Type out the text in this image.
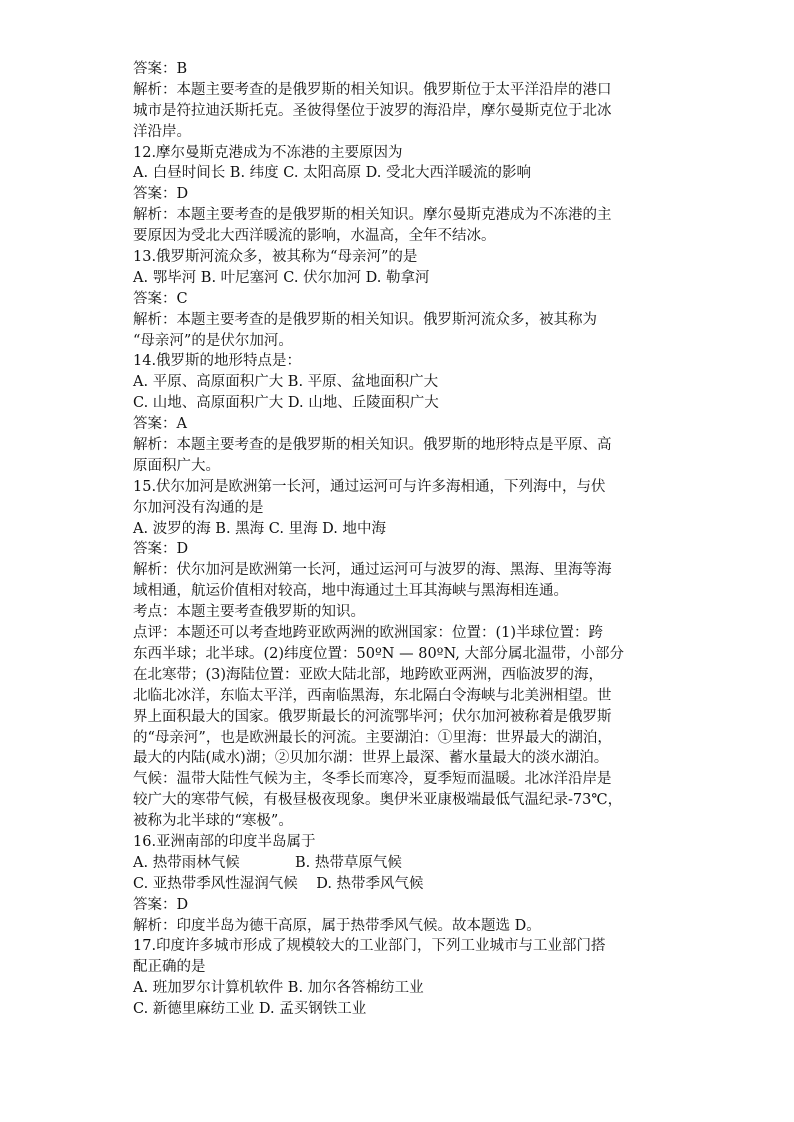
答案：B
解析：本题主要考查的是俄罗斯的相关知识。俄罗斯位于太平洋沿岸的港口
城市是符拉迪沃斯托克。圣彼得堡位于波罗的海沿岸，摩尔曼斯克位于北冰
洋沿岸。
12.摩尔曼斯克港成为不冻港的主要原因为
A. 白昼时间长 B. 纬度 C. 太阳高原 D. 受北大西洋暖流的影响
答案：D
解析：本题主要考查的是俄罗斯的相关知识。摩尔曼斯克港成为不冻港的主
要原因为受北大西洋暖流的影响，水温高，全年不结冰。
13.俄罗斯河流众多，被其称为“母亲河”的是
A. 鄂毕河 B. 叶尼塞河 C. 伏尔加河 D. 勒拿河
答案：C
解析：本题主要考查的是俄罗斯的相关知识。俄罗斯河流众多，被其称为
“母亲河”的是伏尔加河。
14.俄罗斯的地形特点是：
A. 平原、高原面积广大 B. 平原、盆地面积广大
C. 山地、高原面积广大 D. 山地、丘陵面积广大
答案：A
解析：本题主要考查的是俄罗斯的相关知识。俄罗斯的地形特点是平原、高
原面积广大。
15.伏尔加河是欧洲第一长河，通过运河可与许多海相通，下列海中，与伏
尔加河没有沟通的是
A. 波罗的海 B. 黑海 C. 里海 D. 地中海
答案：D
解析：伏尔加河是欧洲第一长河，通过运河可与波罗的海、黑海、里海等海
域相通，航运价值相对较高，地中海通过土耳其海峡与黑海相连通。
考点：本题主要考查俄罗斯的知识。
点评：本题还可以考查地跨亚欧两洲的欧洲国家：位置：(1)半球位置：跨
东西半球；北半球。(2)纬度位置：50ºN — 80ºN, 大部分属北温带，小部分
在北寒带；(3)海陆位置：亚欧大陆北部，地跨欧亚两洲，西临波罗的海，
北临北冰洋，东临太平洋，西南临黑海，东北隔白令海峡与北美洲相望。世
界上面积最大的国家。俄罗斯最长的河流鄂毕河；伏尔加河被称着是俄罗斯
的“母亲河”，也是欧洲最长的河流。主要湖泊：①里海：世界最大的湖泊，
最大的内陆(咸水)湖；②贝加尔湖：世界上最深、蓄水量最大的淡水湖泊。
气候：温带大陆性气候为主，冬季长而寒冷，夏季短而温暖。北冰洋沿岸是
较广大的寒带气候，有极昼极夜现象。奥伊米亚康极端最低气温纪录-73℃，
被称为北半球的“寒极”。
16.亚洲南部的印度半岛属于
A. 热带雨林气候            B. 热带草原气候
C. 亚热带季风性湿润气候    D. 热带季风气候
答案：D
解析：印度半岛为德干高原，属于热带季风气候。故本题选 D。
17.印度许多城市形成了规模较大的工业部门，下列工业城市与工业部门搭
配正确的是
A. 班加罗尔计算机软件 B. 加尔各答棉纺工业
C. 新德里麻纺工业 D. 孟买钢铁工业
